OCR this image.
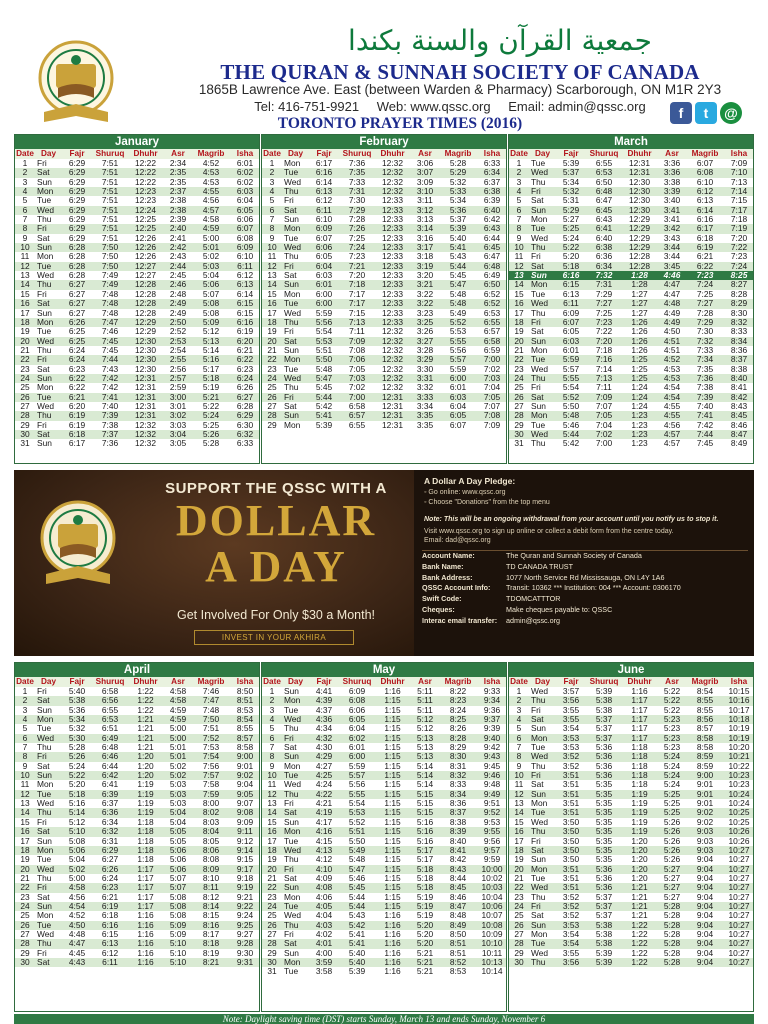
جمعية القرآن والسنة بكندا
THE QURAN & SUNNAH SOCIETY OF CANADA
1865B Lawrence Ave. East (between Warden & Pharmacy) Scarborough, ON M1R 2Y3
Tel: 416-751-9921 Web: www.qssc.org Email: admin@qssc.org
TORONTO PRAYER TIMES (2016)
f	t	@
January
Date	Day	Fajr	Shuruq	Dhuhr	Asr	Magrib	Isha
1	Fri	6:29	7:51	12:22	2:34	4:52	6:01
2	Sat	6:29	7:51	12:22	2:35	4:53	6:02
3	Sun	6:29	7:51	12:22	2:35	4:53	6:02
4	Mon	6:29	7:51	12:23	2:37	4:55	6:03
5	Tue	6:29	7:51	12:23	2:38	4:56	6:04
6	Wed	6:29	7:51	12:24	2:38	4:57	6:05
7	Thu	6:29	7:51	12:25	2:39	4:58	6:06
8	Fri	6:29	7:51	12:25	2:40	4:59	6:07
9	Sat	6:29	7:51	12:26	2:41	5:00	6:08
10	Sun	6:28	7:50	12:26	2:42	5:01	6:09
11	Mon	6:28	7:50	12:26	2:43	5:02	6:10
12	Tue	6:28	7:50	12:27	2:44	5:03	6:11
13	Wed	6:28	7:49	12:27	2:45	5:04	6:12
14	Thu	6:27	7:49	12:28	2:46	5:06	6:13
15	Fri	6:27	7:48	12:28	2:48	5:07	6:14
16	Sat	6:27	7:48	12:28	2:49	5:08	6:15
17	Sun	6:27	7:48	12:28	2:49	5:08	6:15
18	Mon	6:26	7:47	12:29	2:50	5:09	6:16
19	Tue	6:25	7:46	12:29	2:52	5:12	6:19
20	Wed	6:25	7:45	12:30	2:53	5:13	6:20
21	Thu	6:24	7:45	12:30	2:54	5:14	6:21
22	Fri	6:24	7:44	12:30	2:55	5:16	6:22
23	Sat	6:23	7:43	12:30	2:56	5:17	6:23
24	Sun	6:22	7:42	12:31	2:57	5:18	6:24
25	Mon	6:22	7:42	12:31	2:59	5:19	6:26
26	Tue	6:21	7:41	12:31	3:00	5:21	6:27
27	Wed	6:20	7:40	12:31	3:01	5:22	6:28
28	Thu	6:19	7:39	12:31	3:02	5:24	6:29
29	Fri	6:19	7:38	12:32	3:03	5:25	6:30
30	Sat	6:18	7:37	12:32	3:04	5:26	6:32
31	Sun	6:17	7:36	12:32	3:05	5:28	6:33
February
Date	Day	Fajr	Shuruq	Dhuhr	Asr	Magrib	Isha
1	Mon	6:17	7:36	12:32	3:06	5:28	6:33
2	Tue	6:16	7:35	12:32	3:07	5:29	6:34
3	Wed	6:14	7:33	12:32	3:09	5:32	6:37
4	Thu	6:13	7:31	12:32	3:10	5:33	6:38
5	Fri	6:12	7:30	12:33	3:11	5:34	6:39
6	Sat	6:11	7:29	12:33	3:12	5:36	6:40
7	Sun	6:10	7:28	12:33	3:13	5:37	6:42
8	Mon	6:09	7:26	12:33	3:14	5:39	6:43
9	Tue	6:07	7:25	12:33	3:16	5:40	6:44
10	Wed	6:06	7:24	12:33	3:17	5:41	6:45
11	Thu	6:05	7:23	12:33	3:18	5:43	6:47
12	Fri	6:04	7:21	12:33	3:19	5:44	6:48
13	Sat	6:03	7:20	12:33	3:20	5:45	6:49
14	Sun	6:01	7:18	12:33	3:21	5:47	6:50
15	Mon	6:00	7:17	12:33	3:22	5:48	6:52
16	Tue	6:00	7:17	12:33	3:22	5:48	6:52
17	Wed	5:59	7:15	12:33	3:23	5:49	6:53
18	Thu	5:56	7:13	12:33	3:25	5:52	6:55
19	Fri	5:54	7:11	12:32	3:26	5:53	6:57
20	Sat	5:53	7:09	12:32	3:27	5:55	6:58
21	Sun	5:51	7:08	12:32	3:28	5:56	6:59
22	Mon	5:50	7:06	12:32	3:29	5:57	7:00
23	Tue	5:48	7:05	12:32	3:30	5:59	7:02
24	Wed	5:47	7:03	12:32	3:31	6:00	7:03
25	Thu	5:45	7:02	12:32	3:32	6:01	7:04
26	Fri	5:44	7:00	12:31	3:33	6:03	7:05
27	Sat	5:42	6:58	12:31	3:34	6:04	7:07
28	Sun	5:41	6:57	12:31	3:35	6:05	7:08
29	Mon	5:39	6:55	12:31	3:35	6:07	7:09
March
Date	Day	Fajr	Shuruq	Dhuhr	Asr	Magrib	Isha
1	Tue	5:39	6:55	12:31	3:36	6:07	7:09
2	Wed	5:37	6:53	12:31	3:36	6:08	7:10
3	Thu	5:34	6:50	12:30	3:38	6:10	7:13
4	Fri	5:32	6:48	12:30	3:39	6:12	7:14
5	Sat	5:31	6:47	12:30	3:40	6:13	7:15
6	Sun	5:29	6:45	12:30	3:41	6:14	7:17
7	Mon	5:27	6:43	12:29	3:41	6:16	7:18
8	Tue	5:25	6:41	12:29	3:42	6:17	7:19
9	Wed	5:24	6:40	12:29	3:43	6:18	7:20
10	Thu	5:22	6:38	12:29	3:44	6:19	7:22
11	Fri	5:20	6:36	12:28	3:44	6:21	7:23
12	Sat	5:18	6:34	12:28	3:45	6:22	7:24
13	Sun	6:16	7:32	1:28	4:46	7:23	8:25
14	Mon	6:15	7:31	1:28	4:47	7:24	8:27
15	Tue	6:13	7:29	1:27	4:47	7:25	8:28
16	Wed	6:11	7:27	1:27	4:48	7:27	8:29
17	Thu	6:09	7:25	1:27	4:49	7:28	8:30
18	Fri	6:07	7:23	1:26	4:49	7:29	8:32
19	Sat	6:05	7:22	1:26	4:50	7:30	8:33
20	Sun	6:03	7:20	1:26	4:51	7:32	8:34
21	Mon	6:01	7:18	1:26	4:51	7:33	8:36
22	Tue	5:59	7:16	1:25	4:52	7:34	8:37
23	Wed	5:57	7:14	1:25	4:53	7:35	8:38
24	Thu	5:55	7:13	1:25	4:53	7:36	8:40
25	Fri	5:54	7:11	1:24	4:54	7:38	8:41
26	Sat	5:52	7:09	1:24	4:54	7:39	8:42
27	Sun	5:50	7:07	1:24	4:55	7:40	8:43
28	Mon	5:48	7:05	1:23	4:55	7:41	8:45
29	Tue	5:46	7:04	1:23	4:56	7:42	8:46
30	Wed	5:44	7:02	1:23	4:57	7:44	8:47
31	Thu	5:42	7:00	1:23	4:57	7:45	8:49
April
Date	Day	Fajr	Shuruq	Dhuhr	Asr	Magrib	Isha
1	Fri	5:40	6:58	1:22	4:58	7:46	8:50
2	Sat	5:38	6:56	1:22	4:58	7:47	8:51
3	Sun	5:36	6:55	1:22	4:59	7:48	8:53
4	Mon	5:34	6:53	1:21	4:59	7:50	8:54
5	Tue	5:32	6:51	1:21	5:00	7:51	8:55
6	Wed	5:30	6:49	1:21	5:00	7:52	8:57
7	Thu	5:28	6:48	1:21	5:01	7:53	8:58
8	Fri	5:26	6:46	1:20	5:01	7:54	9:00
9	Sat	5:24	6:44	1:20	5:02	7:56	9:01
10	Sun	5:22	6:42	1:20	5:02	7:57	9:02
11	Mon	5:20	6:41	1:19	5:03	7:58	9:04
12	Tue	5:18	6:39	1:19	5:03	7:59	9:05
13	Wed	5:16	6:37	1:19	5:03	8:00	9:07
14	Thu	5:14	6:36	1:19	5:04	8:02	9:08
15	Fri	5:12	6:34	1:18	5:04	8:03	9:09
16	Sat	5:10	6:32	1:18	5:05	8:04	9:11
17	Sun	5:08	6:31	1:18	5:05	8:05	9:12
18	Mon	5:06	6:29	1:18	5:06	8:06	9:14
19	Tue	5:04	6:27	1:18	5:06	8:08	9:15
20	Wed	5:02	6:26	1:17	5:06	8:09	9:17
21	Thu	5:00	6:24	1:17	5:07	8:10	9:18
22	Fri	4:58	6:23	1:17	5:07	8:11	9:19
23	Sat	4:56	6:21	1:17	5:08	8:12	9:21
24	Sun	4:54	6:19	1:17	5:08	8:14	9:22
25	Mon	4:52	6:18	1:16	5:08	8:15	9:24
26	Tue	4:50	6:16	1:16	5:09	8:16	9:25
27	Wed	4:48	6:15	1:16	5:09	8:17	9:27
28	Thu	4:47	6:13	1:16	5:10	8:18	9:28
29	Fri	4:45	6:12	1:16	5:10	8:19	9:30
30	Sat	4:43	6:11	1:16	5:10	8:21	9:31
May
Date	Day	Fajr	Shuruq	Dhuhr	Asr	Magrib	Isha
1	Sun	4:41	6:09	1:16	5:11	8:22	9:33
2	Mon	4:39	6:08	1:15	5:11	8:23	9:34
3	Tue	4:37	6:06	1:15	5:11	8:24	9:36
4	Wed	4:36	6:05	1:15	5:12	8:25	9:37
5	Thu	4:34	6:04	1:15	5:12	8:26	9:39
6	Fri	4:32	6:02	1:15	5:13	8:28	9:40
7	Sat	4:30	6:01	1:15	5:13	8:29	9:42
8	Sun	4:29	6:00	1:15	5:13	8:30	9:43
9	Mon	4:27	5:59	1:15	5:14	8:31	9:45
10	Tue	4:25	5:57	1:15	5:14	8:32	9:46
11	Wed	4:24	5:56	1:15	5:14	8:33	9:48
12	Thu	4:22	5:55	1:15	5:15	8:34	9:49
13	Fri	4:21	5:54	1:15	5:15	8:36	9:51
14	Sat	4:19	5:53	1:15	5:15	8:37	9:52
15	Sun	4:17	5:52	1:15	5:16	8:38	9:53
16	Mon	4:16	5:51	1:15	5:16	8:39	9:55
17	Tue	4:15	5:50	1:15	5:16	8:40	9:56
18	Wed	4:13	5:49	1:15	5:17	8:41	9:57
19	Thu	4:12	5:48	1:15	5:17	8:42	9:59
20	Fri	4:10	5:47	1:15	5:18	8:43	10:00
21	Sat	4:09	5:46	1:15	5:18	8:44	10:02
22	Sun	4:08	5:45	1:15	5:18	8:45	10:03
23	Mon	4:06	5:44	1:15	5:19	8:46	10:04
24	Tue	4:05	5:44	1:15	5:19	8:47	10:06
25	Wed	4:04	5:43	1:16	5:19	8:48	10:07
26	Thu	4:03	5:42	1:16	5:20	8:49	10:08
27	Fri	4:02	5:41	1:16	5:20	8:50	10:09
28	Sat	4:01	5:41	1:16	5:20	8:51	10:10
29	Sun	4:00	5:40	1:16	5:21	8:51	10:11
30	Mon	3:59	5:40	1:16	5:21	8:52	10:13
31	Tue	3:58	5:39	1:16	5:21	8:53	10:14
June
Date	Day	Fajr	Shuruq	Dhuhr	Asr	Magrib	Isha
1	Wed	3:57	5:39	1:16	5:22	8:54	10:15
2	Thu	3:56	5:38	1:17	5:22	8:55	10:16
3	Fri	3:55	5:38	1:17	5:22	8:55	10:17
4	Sat	3:55	5:37	1:17	5:23	8:56	10:18
5	Sun	3:54	5:37	1:17	5:23	8:57	10:19
6	Mon	3:53	5:37	1:17	5:23	8:58	10:19
7	Tue	3:53	5:36	1:18	5:23	8:58	10:20
8	Wed	3:52	5:36	1:18	5:24	8:59	10:21
9	Thu	3:52	5:36	1:18	5:24	8:59	10:22
10	Fri	3:51	5:36	1:18	5:24	9:00	10:23
11	Sat	3:51	5:35	1:18	5:24	9:01	10:23
12	Sun	3:51	5:35	1:19	5:25	9:01	10:24
13	Mon	3:51	5:35	1:19	5:25	9:01	10:24
14	Tue	3:51	5:35	1:19	5:25	9:02	10:25
15	Wed	3:50	5:35	1:19	5:26	9:02	10:25
16	Thu	3:50	5:35	1:19	5:26	9:03	10:26
17	Fri	3:50	5:35	1:20	5:26	9:03	10:26
18	Sat	3:50	5:35	1:20	5:26	9:03	10:27
19	Sun	3:50	5:35	1:20	5:26	9:04	10:27
20	Mon	3:51	5:36	1:20	5:27	9:04	10:27
21	Tue	3:51	5:36	1:20	5:27	9:04	10:27
22	Wed	3:51	5:36	1:21	5:27	9:04	10:27
23	Thu	3:52	5:37	1:21	5:27	9:04	10:27
24	Fri	3:52	5:37	1:21	5:28	9:04	10:27
25	Sat	3:52	5:37	1:21	5:28	9:04	10:27
26	Sun	3:53	5:38	1:22	5:28	9:04	10:27
27	Mon	3:54	5:38	1:22	5:28	9:04	10:27
28	Tue	3:54	5:38	1:22	5:28	9:04	10:27
29	Wed	3:55	5:39	1:22	5:28	9:04	10:27
30	Thu	3:56	5:39	1:22	5:28	9:04	10:27
SUPPORT THE QSSC WITH A
DOLLAR
A DAY
Get Involved For Only $30 a Month!
INVEST IN YOUR AKHIRA
A Dollar A Day Pledge:
◦ Go online: www.qssc.org
◦ Choose "Donations" from the top menu
Note: This will be an ongoing withdrawal from your account until you notify us to stop it.
Visit www.qssc.org to sign up online or collect a debit form from the centre today.
Email: dad@qssc.org
Account Name:	The Quran and Sunnah Society of Canada
Bank Name:	TD CANADA TRUST
Bank Address:	1077 North Service Rd Mississauga, ON L4Y 1A6
QSSC Account Info:	Transit: 10362 *** Institution: 004 *** Account: 0306170
Swift Code:	TDOMCATTTOR
Cheques:	Make cheques payable to: QSSC
Interac email transfer:	admin@qssc.org
Note: Daylight saving time (DST) starts Sunday, March 13 and ends Sunday, November 6
